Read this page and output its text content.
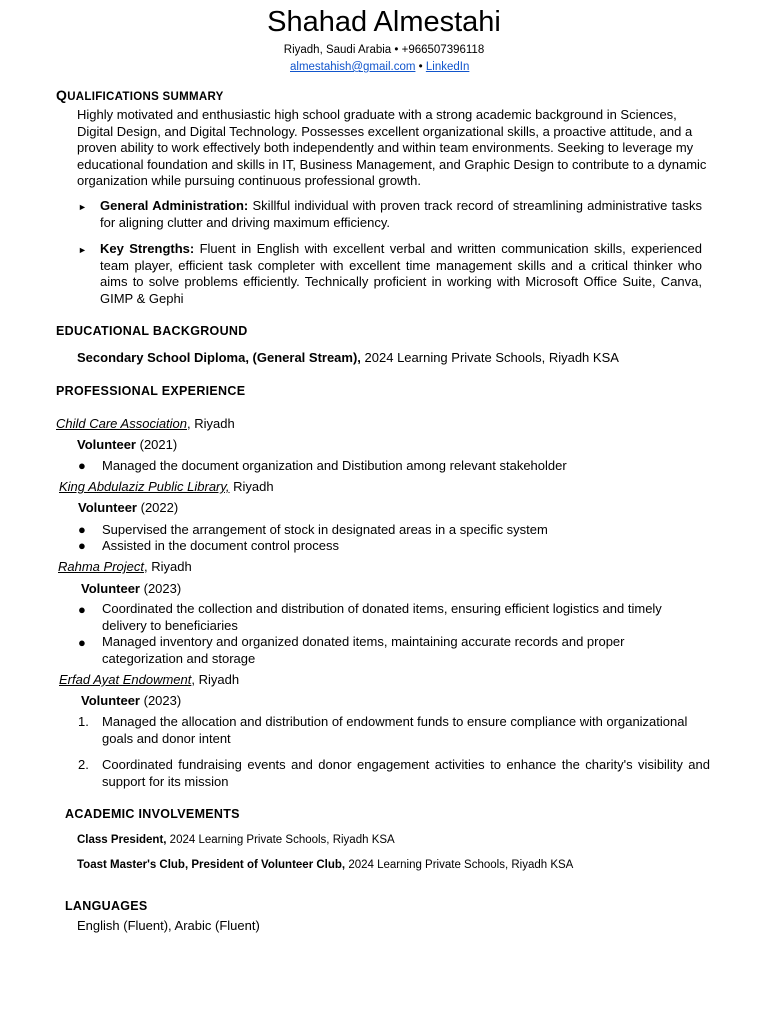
Shahad Almestahi
Riyadh, Saudi Arabia • +966507396118
almestahish@gmail.com • LinkedIn
QUALIFICATIONS SUMMARY
Highly motivated and enthusiastic high school graduate with a strong academic background in Sciences, Digital Design, and Digital Technology. Possesses excellent organizational skills, a proactive attitude, and a proven ability to work effectively both independently and within team environments. Seeking to leverage my educational foundation and skills in IT, Business Management, and Graphic Design to contribute to a dynamic organization while pursuing continuous professional growth.
► General Administration: Skillful individual with proven track record of streamlining administrative tasks for aligning clutter and driving maximum efficiency.
► Key Strengths: Fluent in English with excellent verbal and written communication skills, experienced team player, efficient task completer with excellent time management skills and a critical thinker who aims to solve problems efficiently. Technically proficient in working with Microsoft Office Suite, Canva, GIMP & Gephi
EDUCATIONAL BACKGROUND
Secondary School Diploma, (General Stream), 2024 Learning Private Schools, Riyadh KSA
PROFESSIONAL EXPERIENCE
Child Care Association, Riyadh
Volunteer (2021)
● Managed the document organization and Distibution among relevant stakeholder
King Abdulaziz Public Library, Riyadh
Volunteer (2022)
● Supervised the arrangement of stock in designated areas in a specific system
● Assisted in the document control process
Rahma Project, Riyadh
Volunteer (2023)
● Coordinated the collection and distribution of donated items, ensuring efficient logistics and timely delivery to beneficiaries
● Managed inventory and organized donated items, maintaining accurate records and proper categorization and storage
Erfad Ayat Endowment, Riyadh
Volunteer (2023)
1. Managed the allocation and distribution of endowment funds to ensure compliance with organizational goals and donor intent
2. Coordinated fundraising events and donor engagement activities to enhance the charity's visibility and support for its mission
ACADEMIC INVOLVEMENTS
Class President, 2024 Learning Private Schools, Riyadh KSA
Toast Master's Club, President of Volunteer Club, 2024 Learning Private Schools, Riyadh KSA
LANGUAGES
English (Fluent), Arabic (Fluent)
